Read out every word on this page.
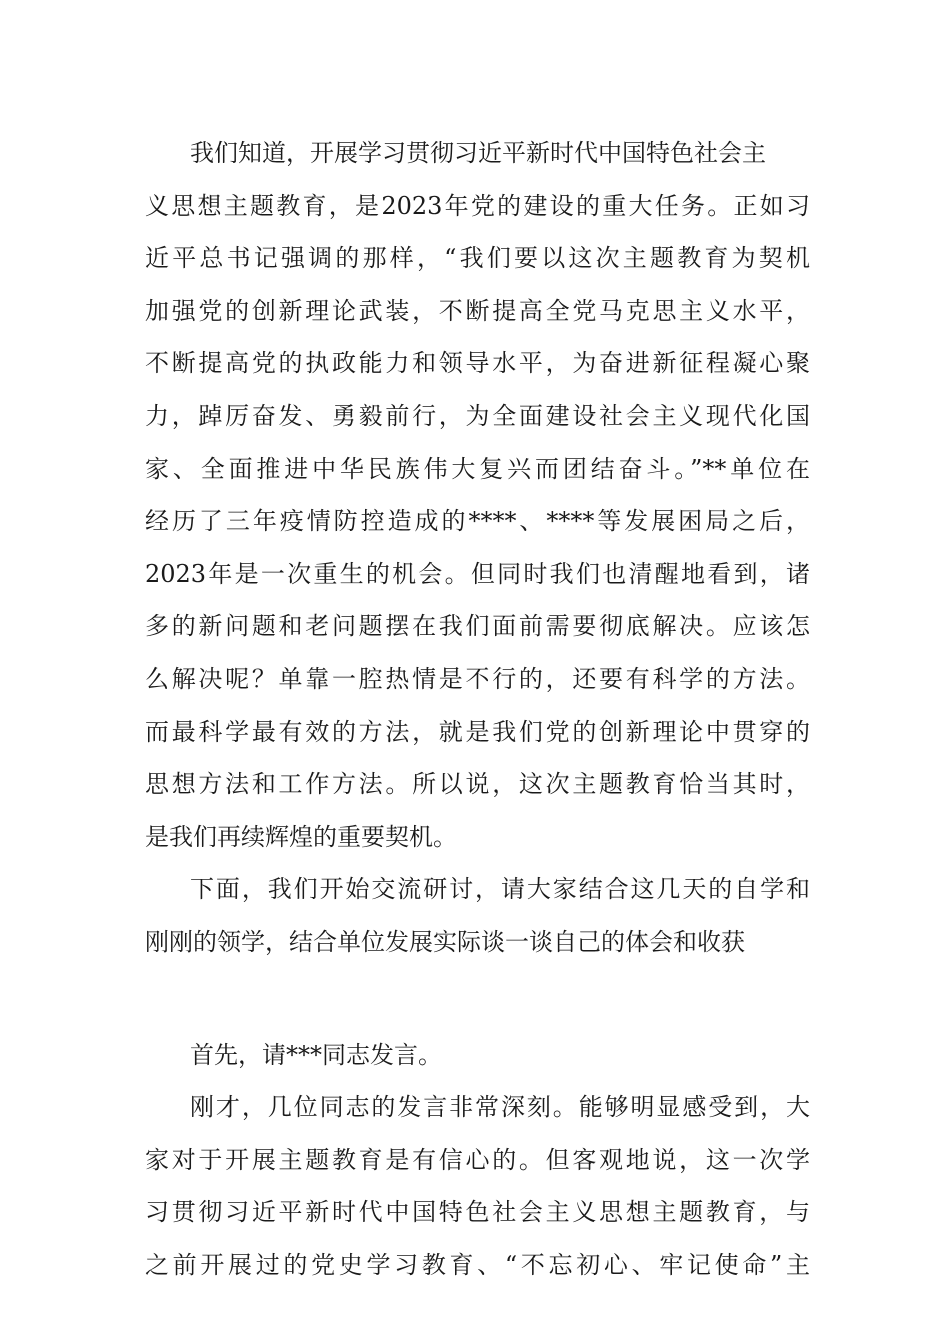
我们知道，开展学习贯彻习近平新时代中国特色社会主
义思想主题教育，是2023年党的建设的重大任务。正如习
近平总书记强调的那样，“我们要以这次主题教育为契机
加强党的创新理论武装，不断提高全党马克思主义水平，
不断提高党的执政能力和领导水平，为奋进新征程凝心聚
力，踔厉奋发、勇毅前行，为全面建设社会主义现代化国
家、全面推进中华民族伟大复兴而团结奋斗。”**单位在
经历了三年疫情防控造成的****、****等发展困局之后，
2023年是一次重生的机会。但同时我们也清醒地看到，诸
多的新问题和老问题摆在我们面前需要彻底解决。应该怎
么解决呢？单靠一腔热情是不行的，还要有科学的方法。
而最科学最有效的方法，就是我们党的创新理论中贯穿的
思想方法和工作方法。所以说，这次主题教育恰当其时，
是我们再续辉煌的重要契机。
下面，我们开始交流研讨，请大家结合这几天的自学和
刚刚的领学，结合单位发展实际谈一谈自己的体会和收获
首先，请***同志发言。
刚才，几位同志的发言非常深刻。能够明显感受到，大
家对于开展主题教育是有信心的。但客观地说，这一次学
习贯彻习近平新时代中国特色社会主义思想主题教育，与
之前开展过的党史学习教育、“不忘初心、牢记使命”主
